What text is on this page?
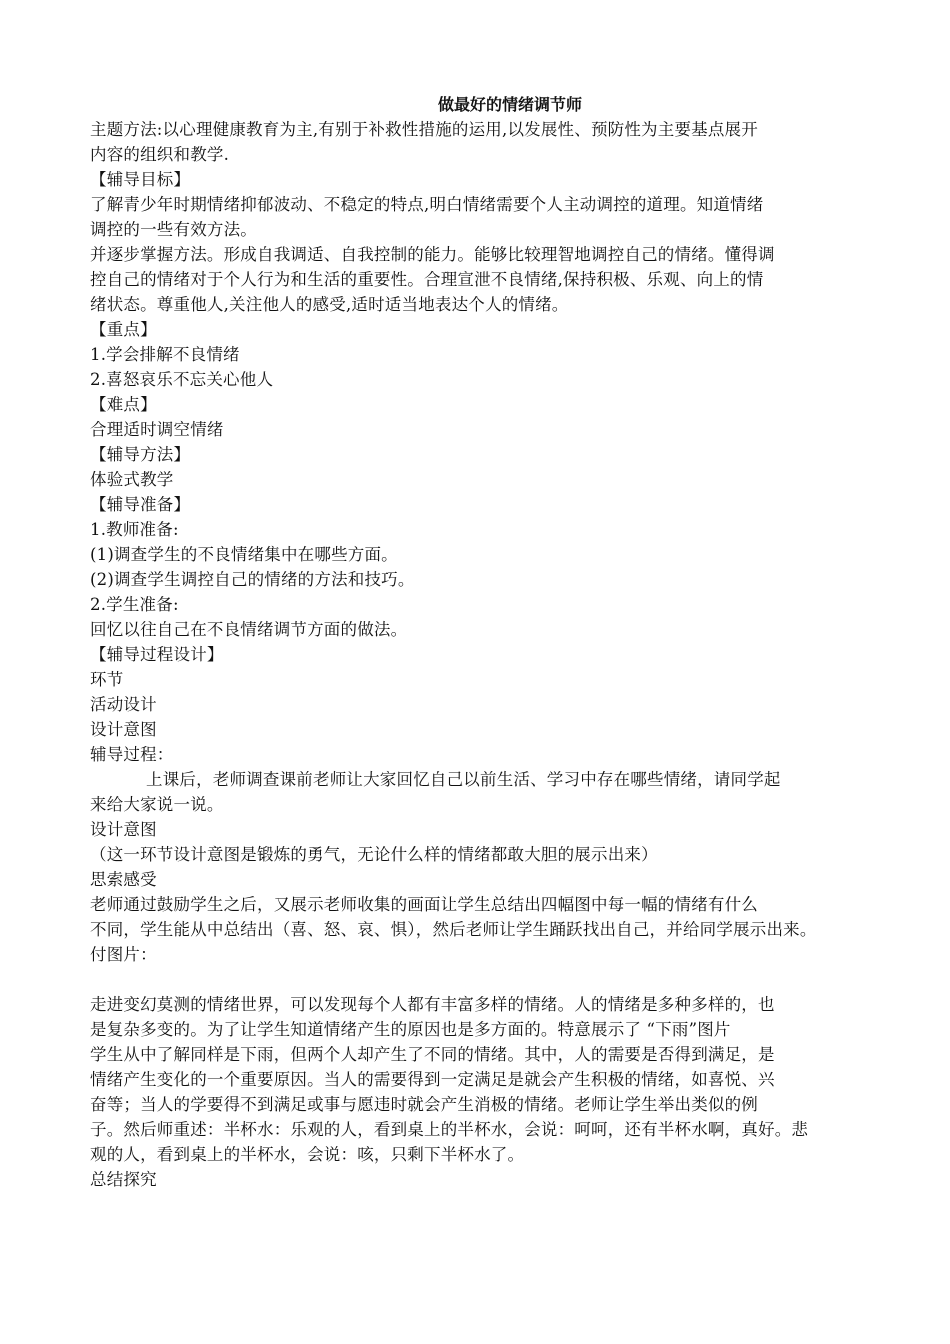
做最好的情绪调节师

主题方法:以心理健康教育为主,有别于补救性措施的运用,以发展性、预防性为主要基点展开

内容的组织和教学.

【辅导目标】

了解青少年时期情绪抑郁波动、不稳定的特点,明白情绪需要个人主动调控的道理。知道情绪

调控的一些有效方法。

并逐步掌握方法。形成自我调适、自我控制的能力。能够比较理智地调控自己的情绪。懂得调

控自己的情绪对于个人行为和生活的重要性。合理宣泄不良情绪,保持积极、乐观、向上的情

绪状态。尊重他人,关注他人的感受,适时适当地表达个人的情绪。

【重点】

1.学会排解不良情绪

2.喜怒哀乐不忘关心他人

【难点】

合理适时调空情绪

【辅导方法】

体验式教学

【辅导准备】

1.教师准备:

(1)调查学生的不良情绪集中在哪些方面。

(2)调查学生调控自己的情绪的方法和技巧。

2.学生准备:

回忆以往自己在不良情绪调节方面的做法。

【辅导过程设计】

环节

活动设计

设计意图

辅导过程：

上课后，老师调查课前老师让大家回忆自己以前生活、学习中存在哪些情绪，请同学起

来给大家说一说。

设计意图

（这一环节设计意图是锻炼的勇气，无论什么样的情绪都敢大胆的展示出来）

思索感受

老师通过鼓励学生之后，又展示老师收集的画面让学生总结出四幅图中每一幅的情绪有什么

不同，学生能从中总结出（喜、怒、哀、惧），然后老师让学生踊跃找出自己，并给同学展示出来。

付图片：

走进变幻莫测的情绪世界，可以发现每个人都有丰富多样的情绪。人的情绪是多种多样的，也

是复杂多变的。为了让学生知道情绪产生的原因也是多方面的。特意展示了 “下雨”图片

学生从中了解同样是下雨，但两个人却产生了不同的情绪。其中，人的需要是否得到满足，是

情绪产生变化的一个重要原因。当人的需要得到一定满足是就会产生积极的情绪，如喜悦、兴

奋等；当人的学要得不到满足或事与愿违时就会产生消极的情绪。老师让学生举出类似的例

子。然后师重述：半杯水：乐观的人，看到桌上的半杯水，会说：呵呵，还有半杯水啊，真好。悲

观的人，看到桌上的半杯水，会说：咳，只剩下半杯水了。

总结探究
